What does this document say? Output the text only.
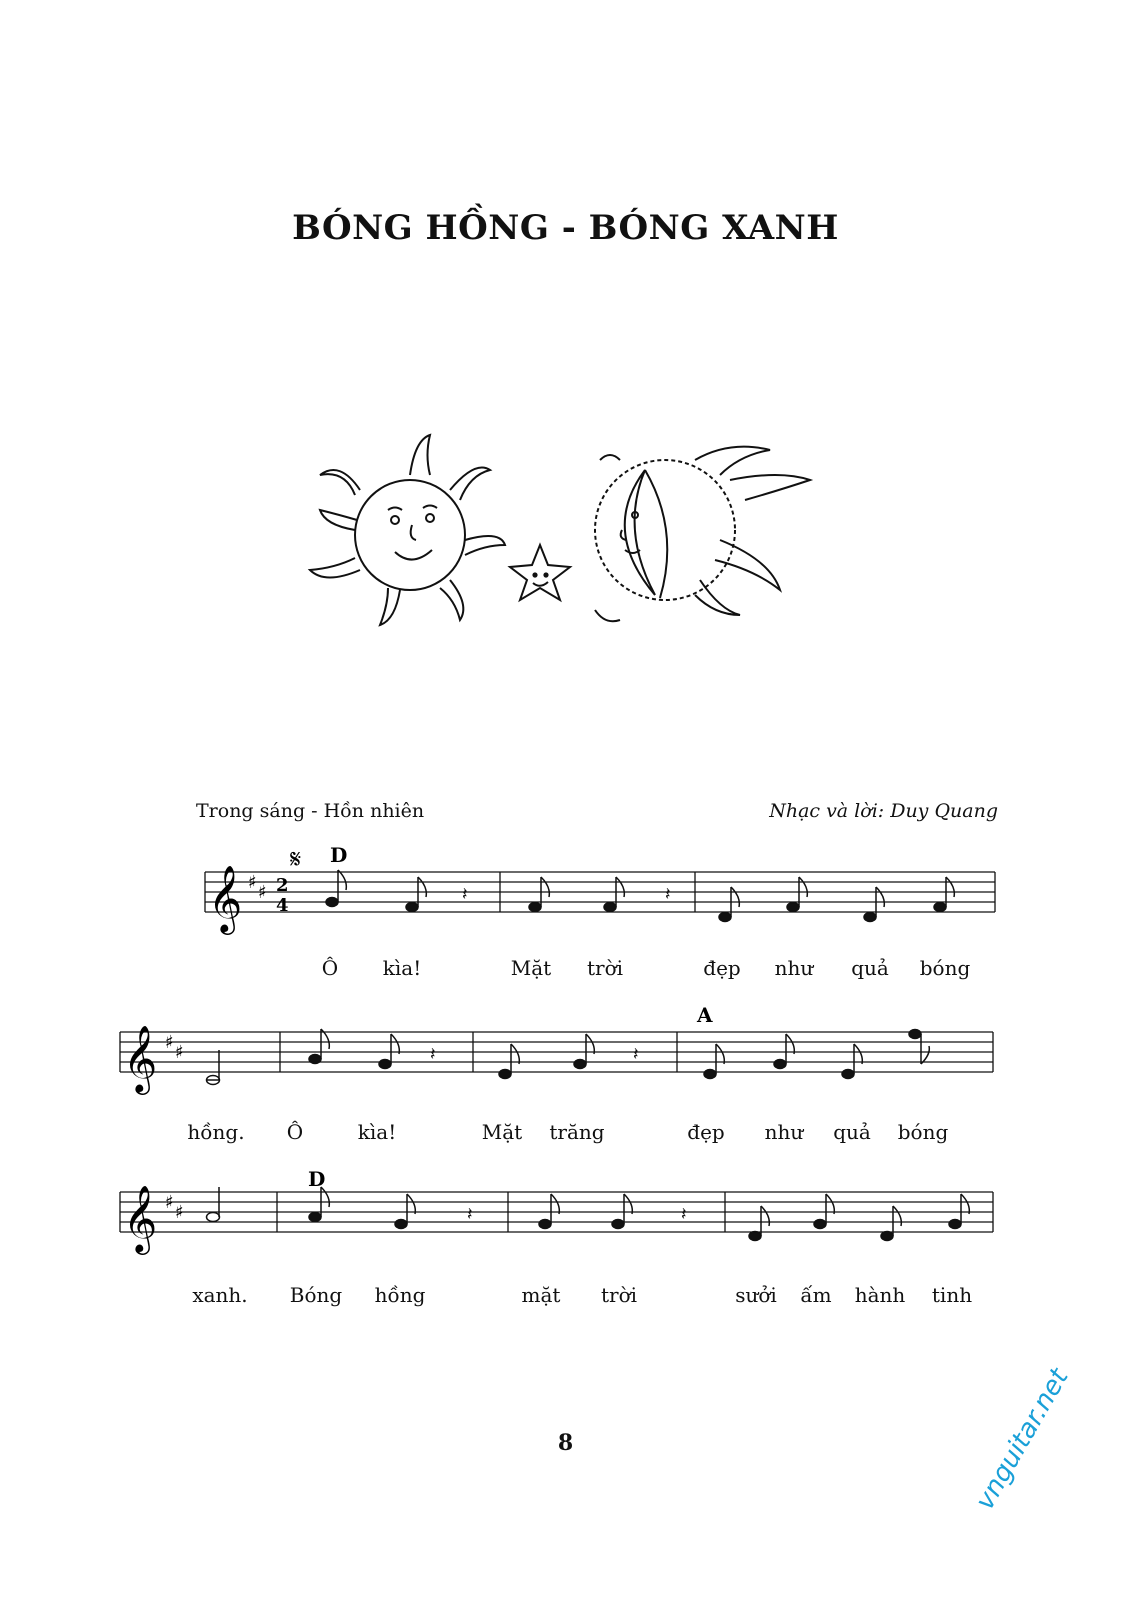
BÓNG HỒNG - BÓNG XANH
Trong sáng - Hồn nhiên	Nhạc và lời: Duy Quang
𝄞 ♯ ♯ 2
4
𝄋 D
𝄽	𝄽
Ô kìa!	Mặt trời	đẹp như quả bóng
𝄞 ♯ ♯
A
𝄽	𝄽
hồng. Ô	kìa!	Mặt trăng	đẹp như quả bóng
𝄞 ♯ ♯
D
𝄽	𝄽
xanh. Bóng hồng	mặt trời	sưởi ấm hành tinh
8	vnguitar.net
